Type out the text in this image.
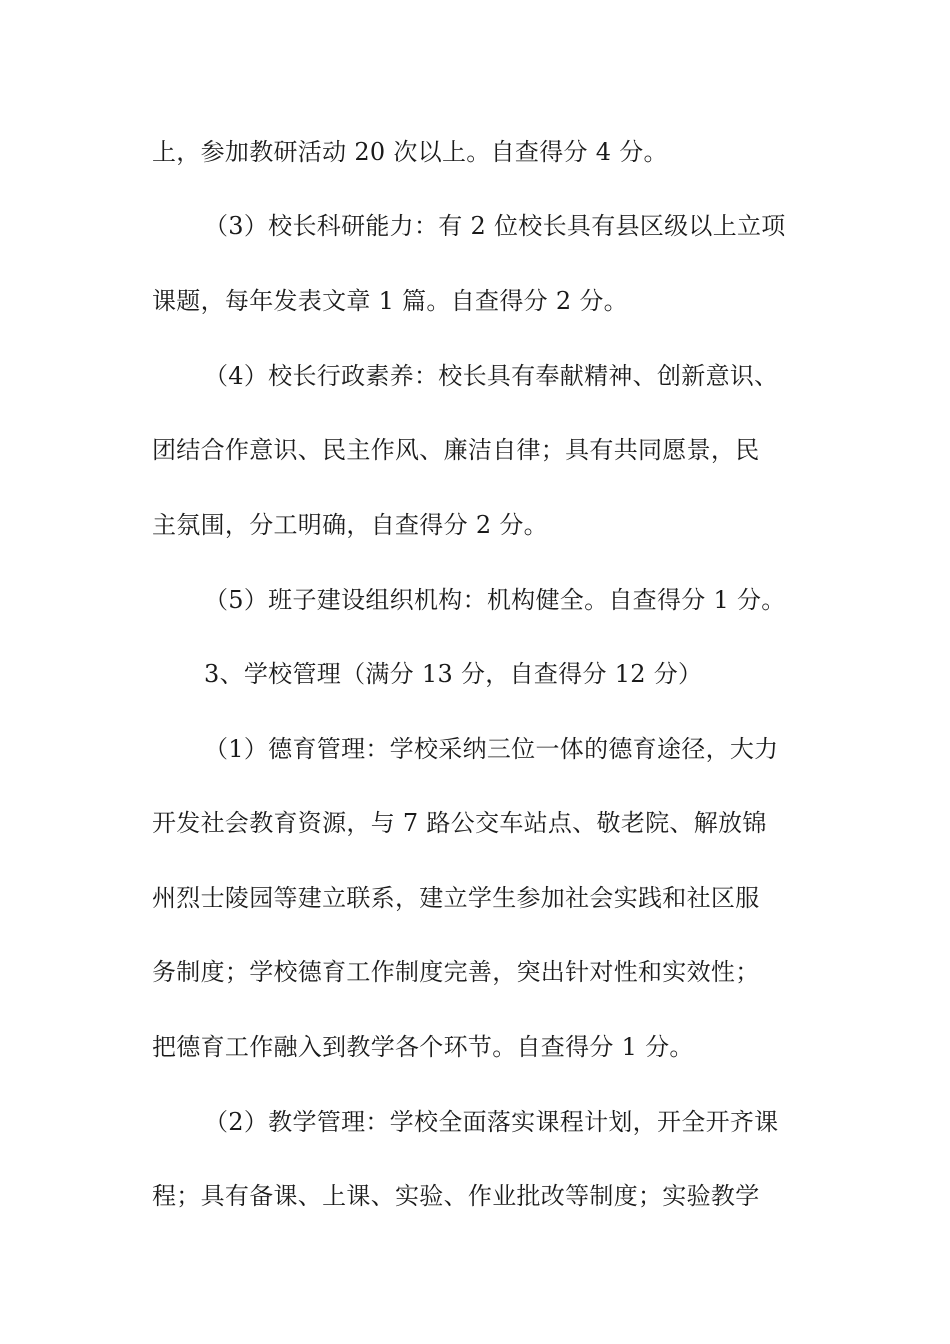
上，参加教研活动 20 次以上。自查得分 4 分。
（3）校长科研能力：有 2 位校长具有县区级以上立项
课题，每年发表文章 1 篇。自查得分 2 分。
（4）校长行政素养：校长具有奉献精神、创新意识、
团结合作意识、民主作风、廉洁自律；具有共同愿景，民
主氛围，分工明确，自查得分 2 分。
（5）班子建设组织机构：机构健全。自查得分 1 分。
3、学校管理（满分 13 分，自查得分 12 分）
（1）德育管理：学校采纳三位一体的德育途径，大力
开发社会教育资源，与 7 路公交车站点、敬老院、解放锦
州烈士陵园等建立联系，建立学生参加社会实践和社区服
务制度；学校德育工作制度完善，突出针对性和实效性；
把德育工作融入到教学各个环节。自查得分 1 分。
（2）教学管理：学校全面落实课程计划，开全开齐课
程；具有备课、上课、实验、作业批改等制度；实验教学
